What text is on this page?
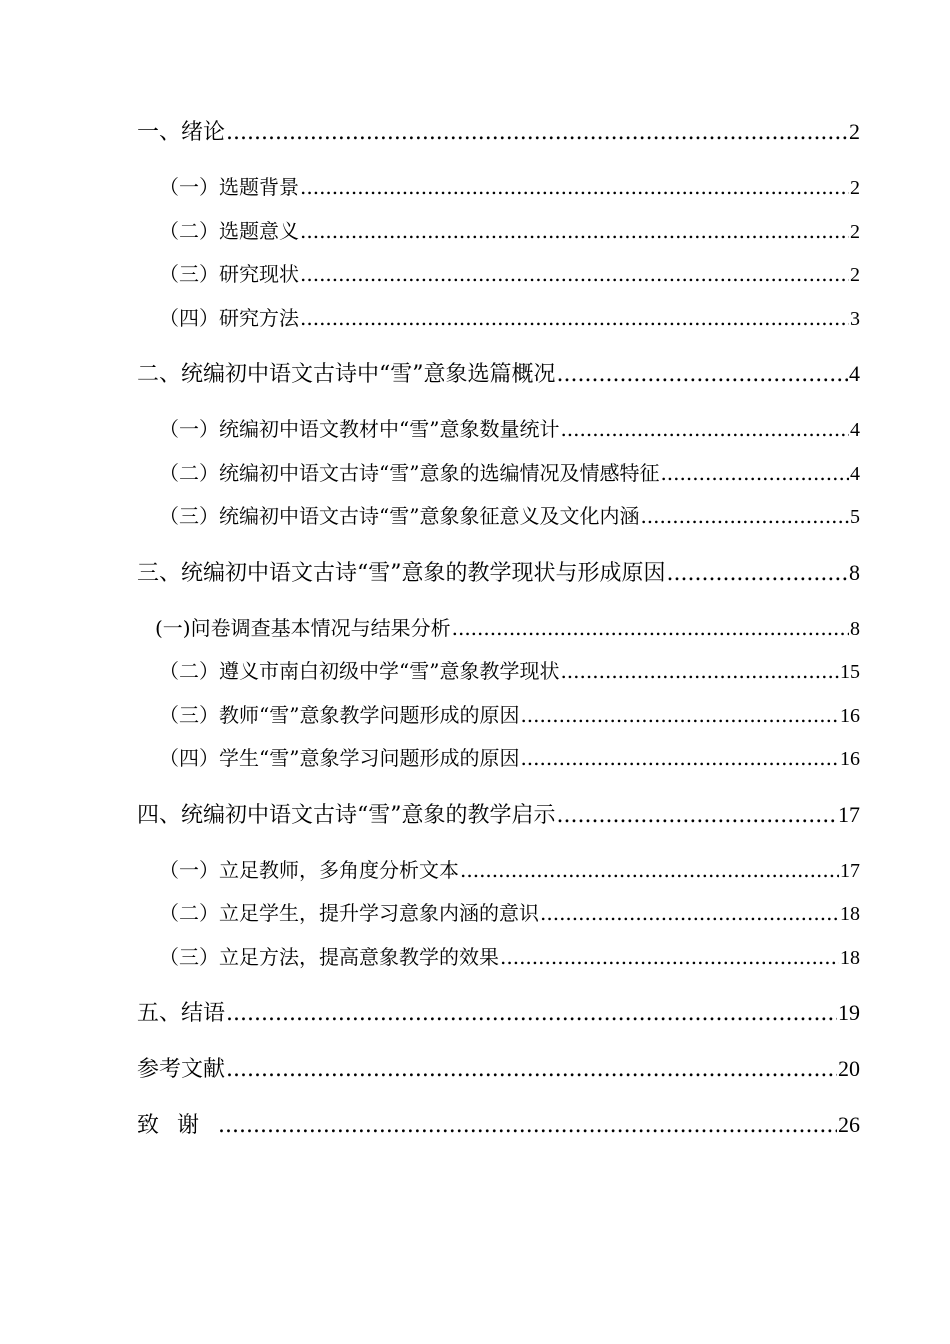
一、绪论 .....	2
（一）选题背景 .....	2
（二）选题意义 .....	2
（三）研究现状 .....	2
（四）研究方法 .....	3
二、统编初中语文古诗中“雪”意象选篇概况 .....	4
（一）统编初中语文教材中“雪”意象数量统计 .....	4
（二）统编初中语文古诗“雪”意象的选编情况及情感特征 .....	4
（三）统编初中语文古诗“雪”意象象征意义及文化内涵 .....	5
三、统编初中语文古诗“雪”意象的教学现状与形成原因 .....	8
(一)问卷调查基本情况与结果分析 .....	8
（二）遵义市南白初级中学“雪”意象教学现状 .....	15
（三）教师“雪”意象教学问题形成的原因 .....	16
（四）学生“雪”意象学习问题形成的原因 .....	16
四、统编初中语文古诗“雪”意象的教学启示 .....	17
（一）立足教师，多角度分析文本 .....	17
（二）立足学生，提升学习意象内涵的意识 .....	18
（三）立足方法，提高意象教学的效果 .....	18
五、结语 .....	19
参考文献 .....	20
致谢 .....	26
